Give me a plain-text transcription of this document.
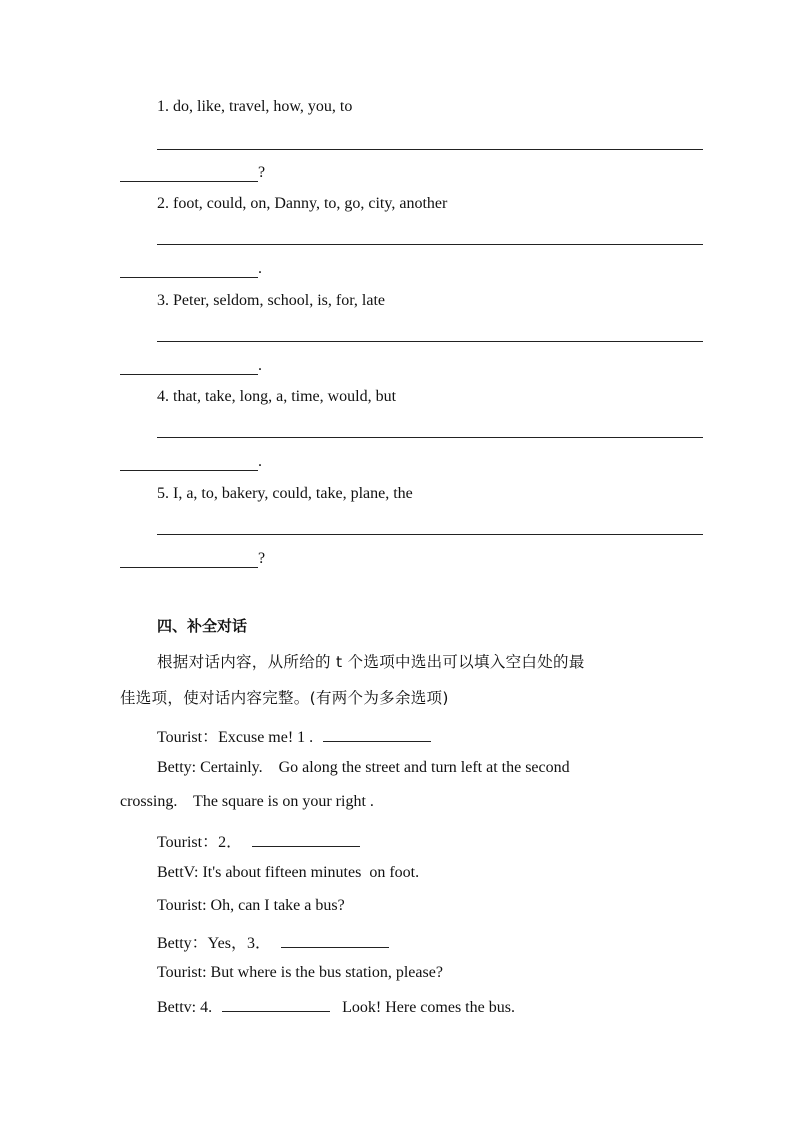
1. do, like, travel, how, you, to
?
2. foot, could, on, Danny, to, go, city, another
.
3. Peter, seldom, school, is, for, late
.
4. that, take, long, a, time, would, but
.
5. I, a, to, bakery, could, take, plane, the
?
四、补全对话
根据对话内容，从所给的 t 个选项中选出可以填入空白处的最
佳选项，使对话内容完整。(有两个为多余选项)
Tourist：Excuse me! 1 .
Betty: Certainly.    Go along the street and turn left at the second
crossing.    The square is on your right .
Tourist：2．
BettV: It's about fifteen minutes  on foot.
Tourist: Oh, can I take a bus?
Betty：Yes，3．
Tourist: But where is the bus station, please?
Bettv: 4.	Look! Here comes the bus.
